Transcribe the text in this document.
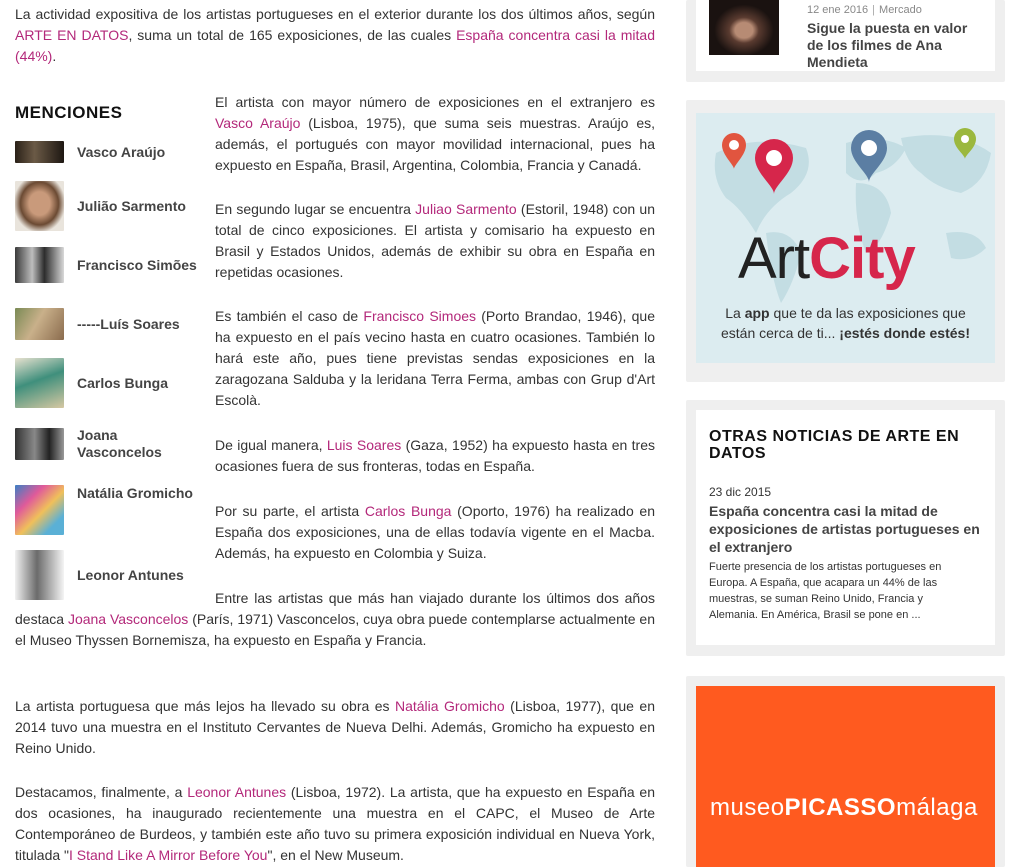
La actividad expositiva de los artistas portugueses en el exterior durante los dos últimos años, según ARTE EN DATOS, suma un total de 165 exposiciones, de las cuales España concentra casi la mitad (44%).

MENCIONES
Vasco Araújo
Julião Sarmento
Francisco Simões
-----Luís Soares
Carlos Bunga
Joana Vasconcelos
Natália Gromicho
Leonor Antunes

El artista con mayor número de exposiciones en el extranjero es Vasco Araújo (Lisboa, 1975), que suma seis muestras. Araújo es, además, el portugués con mayor movilidad internacional, pues ha expuesto en España, Brasil, Argentina, Colombia, Francia y Canadá.

En segundo lugar se encuentra Juliao Sarmento (Estoril, 1948) con un total de cinco exposiciones. El artista y comisario ha expuesto en Brasil y Estados Unidos, además de exhibir su obra en España en repetidas ocasiones.

Es también el caso de Francisco Simoes (Porto Brandao, 1946), que ha expuesto en el país vecino hasta en cuatro ocasiones. También lo hará este año, pues tiene previstas sendas exposiciones en la zaragozana Salduba y la leridana Terra Ferma, ambas con Grup d'Art Escolà.

De igual manera, Luis Soares (Gaza, 1952) ha expuesto hasta en tres ocasiones fuera de sus fronteras, todas en España.

Por su parte, el artista Carlos Bunga (Oporto, 1976) ha realizado en España dos exposiciones, una de ellas todavía vigente en el Macba. Además, ha expuesto en Colombia y Suiza.

Entre las artistas que más han viajado durante los últimos dos años destaca Joana Vasconcelos (París, 1971) Vasconcelos, cuya obra puede contemplarse actualmente en el Museo Thyssen Bornemisza, ha expuesto en España y Francia.

La artista portuguesa que más lejos ha llevado su obra es Natália Gromicho (Lisboa, 1977), que en 2014 tuvo una muestra en el Instituto Cervantes de Nueva Delhi. Además, Gromicho ha expuesto en Reino Unido.

Destacamos, finalmente, a Leonor Antunes (Lisboa, 1972). La artista, que ha expuesto en España en dos ocasiones, ha inaugurado recientemente una muestra en el CAPC, el Museo de Arte Contemporáneo de Burdeos, y también este año tuvo su primera exposición individual en Nueva York, titulada "I Stand Like A Mirror Before You", en el New Museum.

12 ene 2016 | Mercado
Sigue la puesta en valor de los filmes de Ana Mendieta
ArtCity
La app que te da las exposiciones que
están cerca de ti... ¡estés donde estés!
OTRAS NOTICIAS DE ARTE EN DATOS
23 dic 2015
España concentra casi la mitad de exposiciones de artistas portugueses en el extranjero
Fuerte presencia de los artistas portugueses en Europa. A España, que acapara un 44% de las muestras, se suman Reino Unido, Francia y Alemania. En América, Brasil se pone en ...
museoPICASSOmálaga
